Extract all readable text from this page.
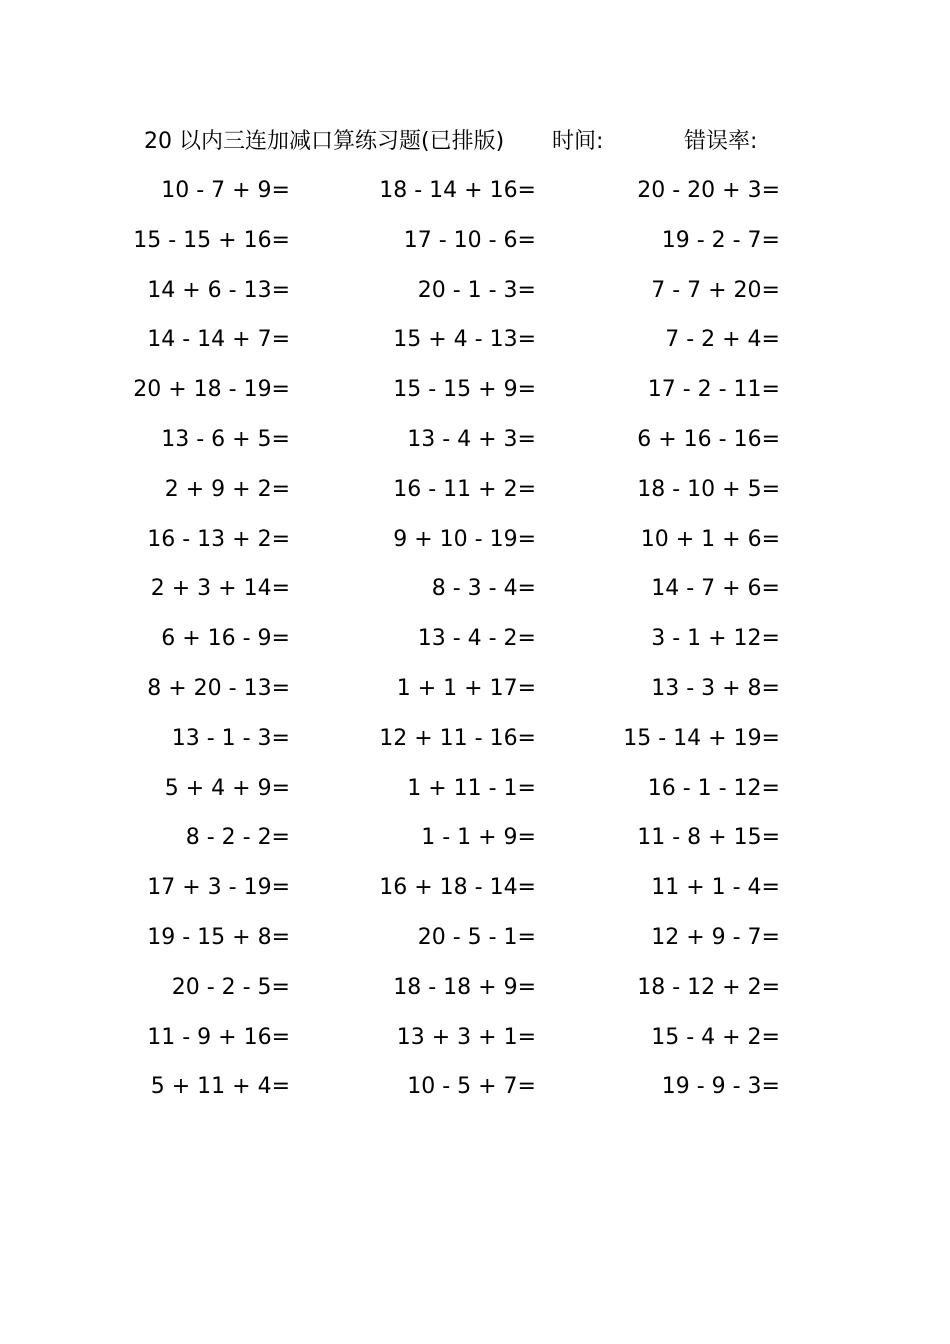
20 以内三连加减口算练习题(已排版) 时间:	错误率:
10 - 7 + 9=	18 - 14 + 16=	20 - 20 + 3=
15 - 15 + 16=	17 - 10 - 6=	19 - 2 - 7=
14 + 6 - 13=	20 - 1 - 3=	7 - 7 + 20=
14 - 14 + 7=	15 + 4 - 13=	7 - 2 + 4=
20 + 18 - 19=	15 - 15 + 9=	17 - 2 - 11=
13 - 6 + 5=	13 - 4 + 3=	6 + 16 - 16=
2 + 9 + 2=	16 - 11 + 2=	18 - 10 + 5=
16 - 13 + 2=	9 + 10 - 19=	10 + 1 + 6=
2 + 3 + 14=	8 - 3 - 4=	14 - 7 + 6=
6 + 16 - 9=	13 - 4 - 2=	3 - 1 + 12=
8 + 20 - 13=	1 + 1 + 17=	13 - 3 + 8=
13 - 1 - 3=	12 + 11 - 16=	15 - 14 + 19=
5 + 4 + 9=	1 + 11 - 1=	16 - 1 - 12=
8 - 2 - 2=	1 - 1 + 9=	11 - 8 + 15=
17 + 3 - 19=	16 + 18 - 14=	11 + 1 - 4=
19 - 15 + 8=	20 - 5 - 1=	12 + 9 - 7=
20 - 2 - 5=	18 - 18 + 9=	18 - 12 + 2=
11 - 9 + 16=	13 + 3 + 1=	15 - 4 + 2=
5 + 11 + 4=	10 - 5 + 7=	19 - 9 - 3=
